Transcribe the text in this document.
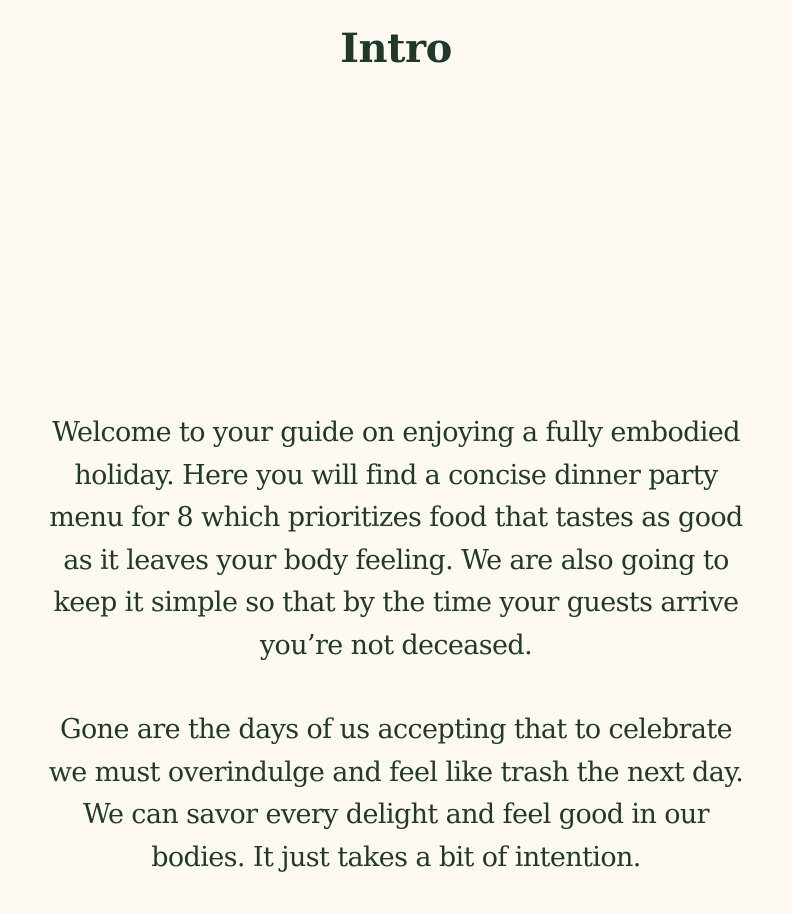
Intro

Welcome to your guide on enjoying a fully embodied holiday. Here you will find a concise dinner party menu for 8 which prioritizes food that tastes as good as it leaves your body feeling. We are also going to keep it simple so that by the time your guests arrive you’re not deceased.

Gone are the days of us accepting that to celebrate we must overindulge and feel like trash the next day. We can savor every delight and feel good in our bodies. It just takes a bit of intention.
